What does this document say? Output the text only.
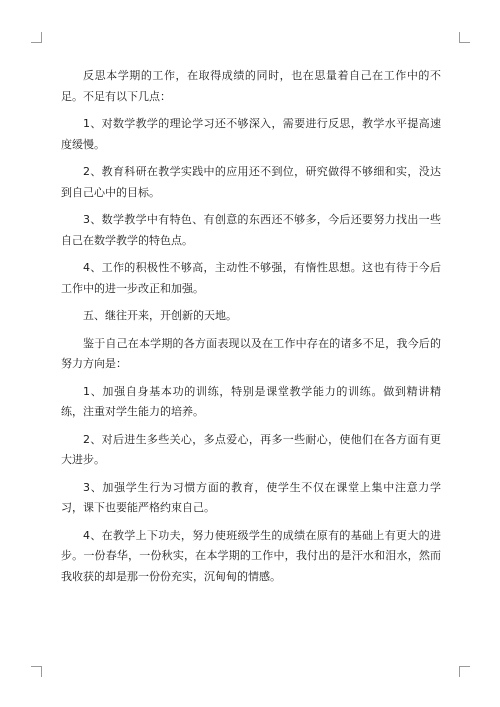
反思本学期的工作，在取得成绩的同时，也在思量着自己在工作中的不足。不足有以下几点：

1、对数学教学的理论学习还不够深入，需要进行反思，教学水平提高速度缓慢。

2、教育科研在教学实践中的应用还不到位，研究做得不够细和实，没达到自己心中的目标。

3、数学教学中有特色、有创意的东西还不够多，今后还要努力找出一些自己在数学教学的特色点。

4、工作的积极性不够高，主动性不够强，有惰性思想。这也有待于今后工作中的进一步改正和加强。

五、继往开来，开创新的天地。

鉴于自己在本学期的各方面表现以及在工作中存在的诸多不足，我今后的努力方向是：

1、加强自身基本功的训练，特别是课堂教学能力的训练。做到精讲精练，注重对学生能力的培养。

2、对后进生多些关心，多点爱心，再多一些耐心，使他们在各方面有更大进步。

3、加强学生行为习惯方面的教育，使学生不仅在课堂上集中注意力学习，课下也要能严格约束自己。

4、在教学上下功夫，努力使班级学生的成绩在原有的基础上有更大的进步。一份春华，一份秋实，在本学期的工作中，我付出的是汗水和泪水，然而我收获的却是那一份份充实，沉甸甸的情感。
